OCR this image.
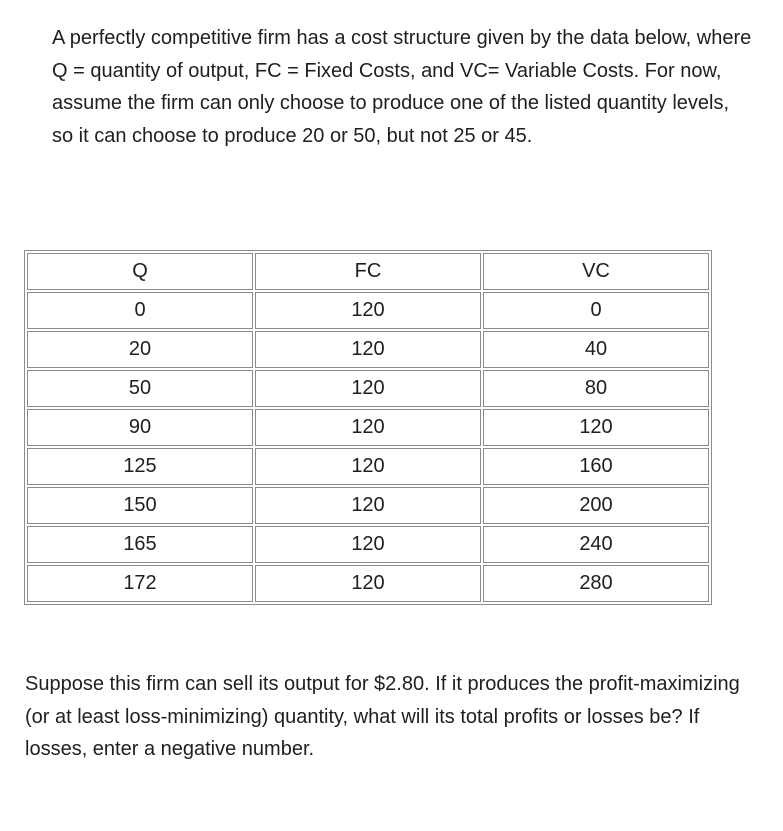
A perfectly competitive firm has a cost structure given by the data below, where Q = quantity of output, FC = Fixed Costs, and VC= Variable Costs. For now, assume the firm can only choose to produce one of the listed quantity levels, so it can choose to produce 20 or 50, but not 25 or 45.

Q	FC	VC
0	120	0
20	120	40
50	120	80
90	120	120
125	120	160
150	120	200
165	120	240
172	120	280

Suppose this firm can sell its output for $2.80. If it produces the profit-maximizing (or at least loss-minimizing) quantity, what will its total profits or losses be? If losses, enter a negative number.
